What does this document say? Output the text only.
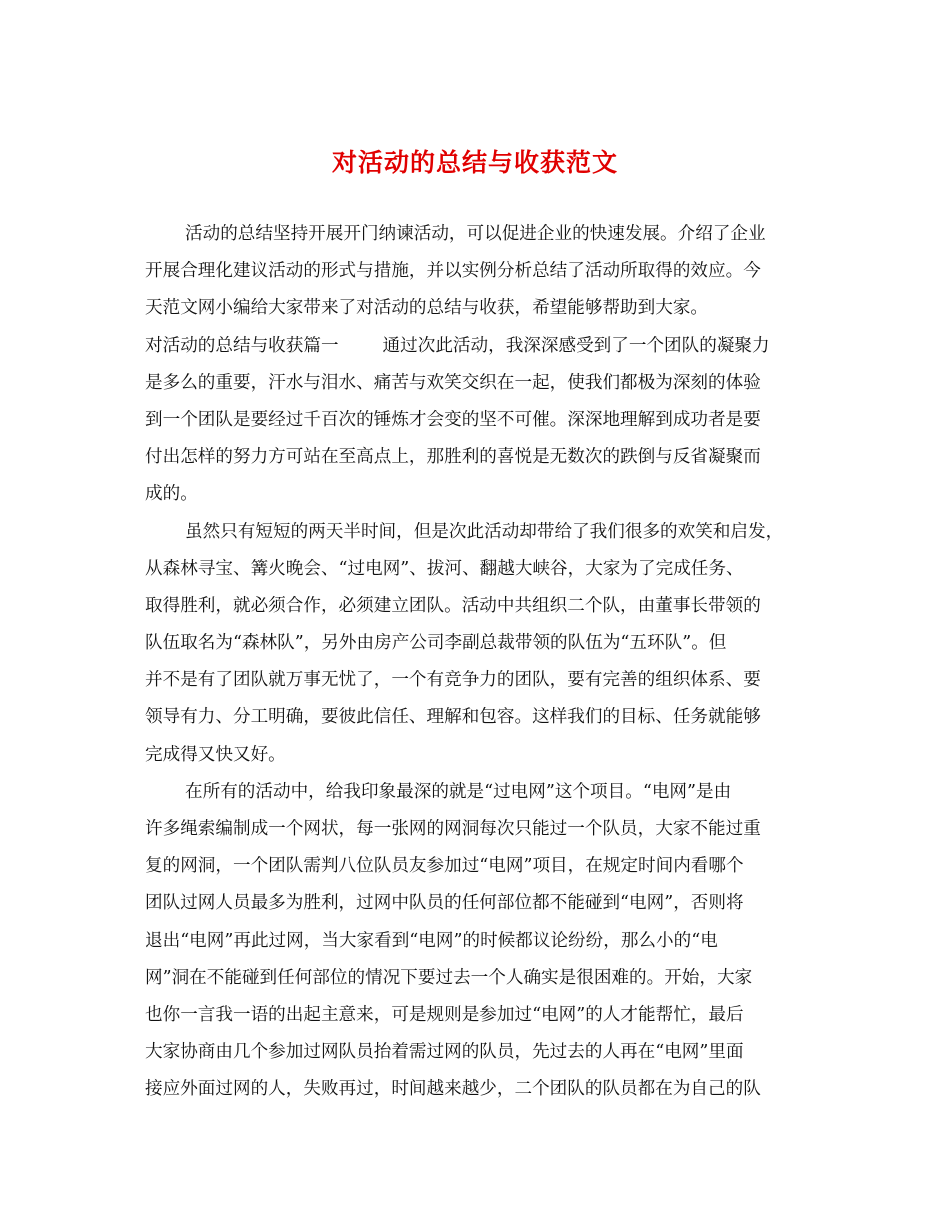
对活动的总结与收获范文
活动的总结坚持开展开门纳谏活动，可以促进企业的快速发展。介绍了企业
开展合理化建议活动的形式与措施，并以实例分析总结了活动所取得的效应。今
天范文网小编给大家带来了对活动的总结与收获，希望能够帮助到大家。
对活动的总结与收获篇一	通过次此活动，我深深感受到了一个团队的凝聚力
是多么的重要，汗水与泪水、痛苦与欢笑交织在一起，使我们都极为深刻的体验
到一个团队是要经过千百次的锤炼才会变的坚不可催。深深地理解到成功者是要
付出怎样的努力方可站在至高点上，那胜利的喜悦是无数次的跌倒与反省凝聚而
成的。
虽然只有短短的两天半时间，但是次此活动却带给了我们很多的欢笑和启发，
从森林寻宝、篝火晚会、“过电网”、拔河、翻越大峡谷，大家为了完成任务、
取得胜利，就必须合作，必须建立团队。活动中共组织二个队，由董事长带领的
队伍取名为“森林队”，另外由房产公司李副总裁带领的队伍为“五环队”。但
并不是有了团队就万事无忧了，一个有竞争力的团队，要有完善的组织体系、要
领导有力、分工明确，要彼此信任、理解和包容。这样我们的目标、任务就能够
完成得又快又好。
在所有的活动中，给我印象最深的就是“过电网”这个项目。“电网”是由
许多绳索编制成一个网状，每一张网的网洞每次只能过一个队员，大家不能过重
复的网洞，一个团队需判八位队员友参加过“电网”项目，在规定时间内看哪个
团队过网人员最多为胜利，过网中队员的任何部位都不能碰到“电网”，否则将
退出“电网”再此过网，当大家看到“电网”的时候都议论纷纷，那么小的“电
网”洞在不能碰到任何部位的情况下要过去一个人确实是很困难的。开始，大家
也你一言我一语的出起主意来，可是规则是参加过“电网”的人才能帮忙，最后
大家协商由几个参加过网队员抬着需过网的队员，先过去的人再在“电网”里面
接应外面过网的人，失败再过，时间越来越少，二个团队的队员都在为自己的队
